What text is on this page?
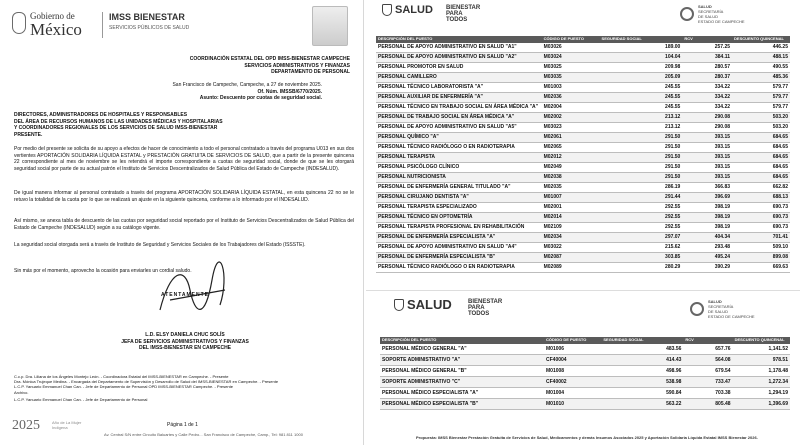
Gobierno de
México
IMSS BIENESTAR
SERVICIOS PÚBLICOS DE SALUD
COORDINACIÓN ESTATAL DEL OPD IMSS-BIENESTAR CAMPECHE
SERVICIOS ADMINISTRATIVOS Y FINANZAS
DEPARTAMENTO DE PERSONAL
San Francisco de Campeche, Campeche, a 27 de noviembre 2025.
Of. Núm. IMSSB/6770/2025.
Asunto: Descuento por cuotas de seguridad social.
DIRECTORES, ADMINISTRADORES DE HOSPITALES Y RESPONSABLES
DEL ÁREA DE RECURSOS HUMANOS DE LAS UNIDADES MÉDICAS Y HOSPITALARIAS
Y COORDINADORES REGIONALES DE LOS SERVICIOS DE SALUD IMSS-BIENESTAR
PRESENTE.
Por medio del presente se solicita de su apoyo a efectos de hacer de conocimiento a todo el personal contratado a través del programa U013 en sus dos vertientes APORTACIÓN SOLIDARIA LÍQUIDA ESTATAL y PRESTACIÓN GRATUITA DE SERVICIOS DE SALUD, que a partir de la presente quincena 22 correspondiente al mes de noviembre se les retendrá el importe correspondiente a cuotas de seguridad social, donde de que se les otorgará seguridad social por parte de su actual patrón el Instituto de Servicios Descentralizados de Salud Pública del Estado de Campeche (INDESALUD).
De igual manera informar al personal contratado a través del programa APORTACIÓN SOLIDARIA LÍQUIDA ESTATAL, en esta quincena 22 no se le retuvo la totalidad de la cuota por lo que se realizará un ajuste en la siguiente quincena, conforme a lo informado por el INDESALUD.
Así mismo, se anexa tabla de descuento de las cuotas por seguridad social reportado por el Instituto de Servicios Descentralizados de Salud Pública del Estado de Campeche (INDESALUD) según a su catálogo vigente.
La seguridad social otorgada será a través de Instituto de Seguridad y Servicios Sociales de los Trabajadores del Estado (ISSSTE).
Sin más por el momento, aprovecho la ocasión para enviarles un cordial saludo.
ATENTAMENTE
L.D. ELSY DANIELA CHUC SOLÍS
JEFA DE SERVICIOS ADMINISTRATIVOS Y FINANZAS
DEL IMSS-BIENESTAR EN CAMPECHE
C.c.p. Dra. Liliana de los Ángeles Montejo León. - Coordinadora Estatal del IMSS-BIENESTAR en Campeche. - Presente
Dra. Mónica Trujeque Medina. - Encargada del Departamento de Supervisión y Desarrollo de Salud del IMSS-BIENESTAR en Campeche. - Presente
L.C.P. Yanuario Emmanuel Chan Can. - Jefe de Departamento de Personal OPD IMSS-BIENESTAR Campeche. - Presente
Archivo.
L.C.P. Yanuario Emmanuel Chan Can. - Jefe de Departamento de Personal
2025	Año de La Mujer Indígena	Página 1 de 1
Av. Central S/N entre Circuito Baluartes y Calle Pedro... San Francisco de Campeche, Camp., Tel: 981 811 1000
SALUD BIENESTAR
PARA
TODOS
SALUD
SECRETARÍA
DE SALUD
ESTADO DE CAMPECHE
DESCRIPCIÓN DEL PUESTO	CÓDIGO DE PUESTO	SEGURIDAD SOCIAL	RCV	DESCUENTO QUINCENAL
PERSONAL DE APOYO ADMINISTRATIVO EN SALUD "A1"	M03026	189.00	257.25	446.25
PERSONAL DE APOYO ADMINISTRATIVO EN SALUD "A2"	M03024	104.04	384.11	488.15
PERSONAL PROMOTOR EN SALUD	M03025	209.98	280.57	490.55
PERSONAL CAMILLERO	M03035	205.09	280.37	485.36
PERSONAL TÉCNICO LABORATORISTA "A"	M01003	245.55	334.22	579.77
PERSONAL AUXILIAR DE ENFERMERÍA "A"	M02036	245.55	334.22	579.77
PERSONAL TÉCNICO EN TRABAJO SOCIAL EN ÁREA MÉDICA "A"	M02004	245.55	334.22	579.77
PERSONAL DE TRABAJO SOCIAL EN ÁREA MÉDICA "A"	M02002	213.12	290.08	503.20
PERSONAL DE APOYO ADMINISTRATIVO EN SALUD "A5"	M03023	213.12	290.08	503.20
PERSONAL QUÍMICO "A"	M02061	291.50	393.15	684.65
PERSONAL TÉCNICO RADIÓLOGO O EN RADIOTERAPIA	M02065	291.50	393.15	684.65
PERSONAL TERAPISTA	M02012	291.50	393.15	684.65
PERSONAL PSICÓLOGO CLÍNICO	M02049	291.50	393.15	684.65
PERSONAL NUTRICIONISTA	M02038	291.50	393.15	684.65
PERSONAL DE ENFERMERÍA GENERAL TITULADO "A"	M02035	286.19	366.83	662.82
PERSONAL CIRUJANO DENTISTA "A"	M01007	291.44	396.69	688.13
PERSONAL TERAPISTA ESPECIALIZADO	M02001	292.55	398.19	690.73
PERSONAL TÉCNICO EN OPTOMETRÍA	M02014	292.55	398.19	690.73
PERSONAL TERAPISTA PROFESIONAL EN REHABILITACIÓN	M02109	292.55	398.19	690.73
PERSONAL DE ENFERMERÍA ESPECIALISTA "A"	M02034	297.07	404.34	701.41
PERSONAL DE APOYO ADMINISTRATIVO EN SALUD "A4"	M03022	215.62	293.48	509.10
PERSONAL DE ENFERMERÍA ESPECIALISTA "B"	M02087	303.85	495.24	899.08
PERSONAL TÉCNICO RADIÓLOGO O EN RADIOTERAPIA	M02089	280.29	390.29	669.63
SALUD	BIENESTAR
PARA
TODOS
SALUD
SECRETARÍA
DE SALUD
ESTADO DE CAMPECHE
DESCRIPCIÓN DEL PUESTO	CÓDIGO DE PUESTO	SEGURIDAD SOCIAL	RCV	DESCUENTO QUINCENAL
PERSONAL MÉDICO GENERAL "A"	M01006	483.56	657.76	1,141.52
SOPORTE ADMINISTRATIVO "A"	CF40004	414.43	564.08	978.51
PERSONAL MÉDICO GENERAL "B"	M01008	498.96	679.54	1,178.48
SOPORTE ADMINISTRATIVO "C"	CF40002	538.98	733.47	1,272.34
PERSONAL MÉDICO ESPECIALISTA "A"	M01004	590.84	703.38	1,294.19
PERSONAL MÉDICO ESPECIALISTA "B"	M01010	563.22	805.48	1,396.69
Propuesta: IMSS Bienestar Prestación Gratuita de Servicios de Salud, Medicamentos y demás Insumos Asociados 2025 y Aportación Solidaria Líquida Estatal IMSS Bienestar 2026.
